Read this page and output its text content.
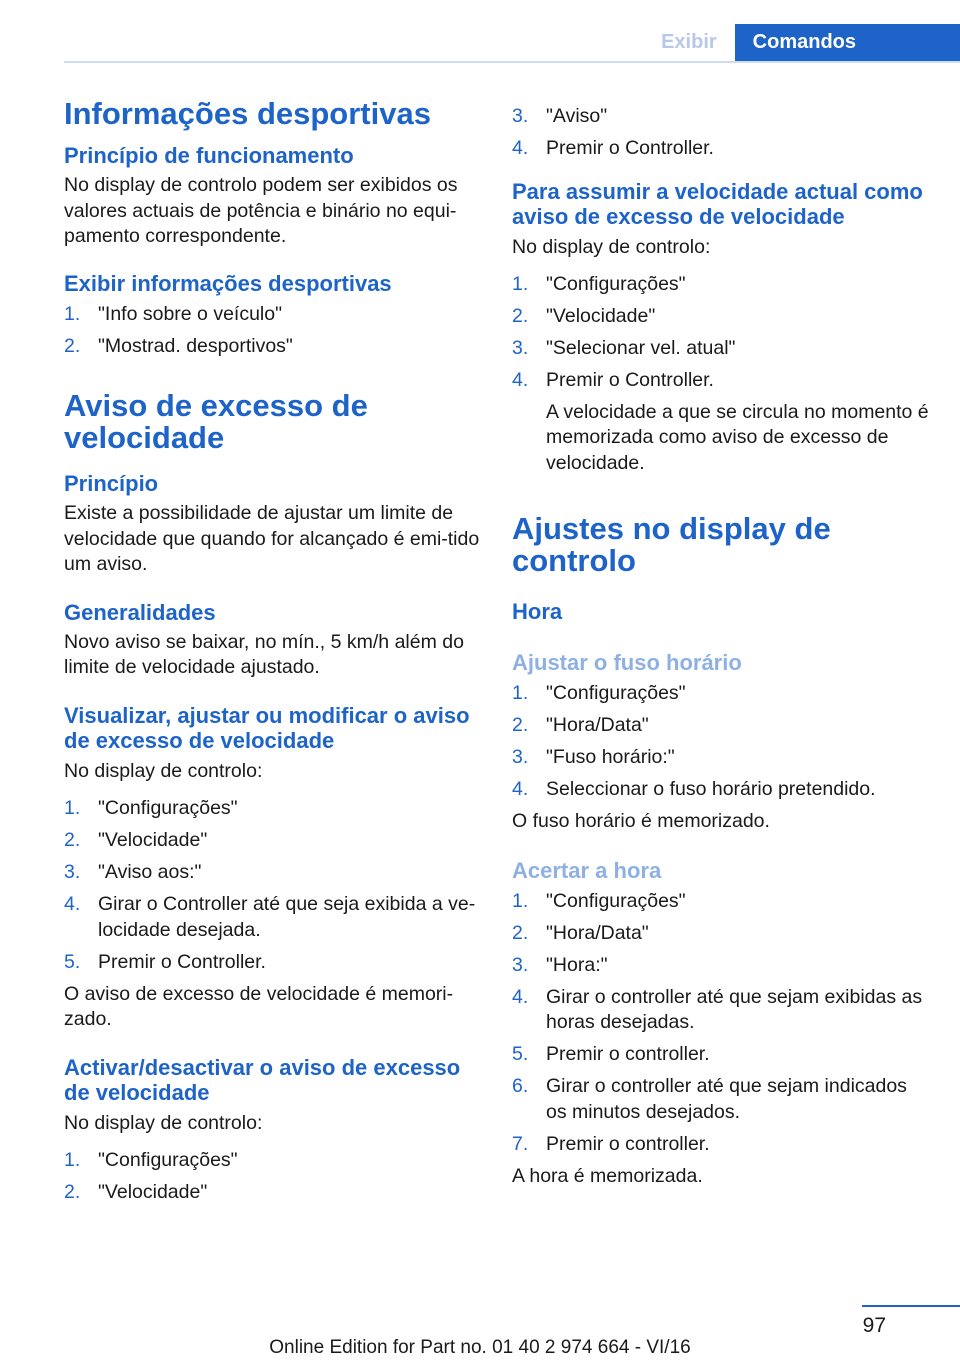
Exibir	Comandos
Informações desportivas
Princípio de funcionamento

No display de controlo podem ser exibidos os valores actuais de potência e binário no equi‐pamento correspondente.

Exibir informações desportivas
1. "Info sobre o veículo"
2. "Mostrad. desportivos"
Aviso de excesso de velocidade
Princípio

Existe a possibilidade de ajustar um limite de velocidade que quando for alcançado é emi‐tido um aviso.

Generalidades

Novo aviso se baixar, no mín., 5 km/h além do limite de velocidade ajustado.

Visualizar, ajustar ou modificar o aviso de excesso de velocidade

No display de controlo:

1. "Configurações"
2. "Velocidade"
3. "Aviso aos:"
4. Girar o Controller até que seja exibida a ve‐locidade desejada.
5. Premir o Controller.

O aviso de excesso de velocidade é memori‐zado.

Activar/desactivar o aviso de excesso de velocidade

No display de controlo:

1. "Configurações"
2. "Velocidade"
3. "Aviso"
4. Premir o Controller.
Para assumir a velocidade actual como aviso de excesso de velocidade

No display de controlo:

1. "Configurações"
2. "Velocidade"
3. "Selecionar vel. atual"
4. Premir o Controller.
A velocidade a que se circula no momento é memorizada como aviso de excesso de velocidade.
Ajustes no display de controlo
Hora
Ajustar o fuso horário
1. "Configurações"
2. "Hora/Data"
3. "Fuso horário:"
4. Seleccionar o fuso horário pretendido.

O fuso horário é memorizado.

Acertar a hora
1. "Configurações"
2. "Hora/Data"
3. "Hora:"
4. Girar o controller até que sejam exibidas as horas desejadas.
5. Premir o controller.
6. Girar o controller até que sejam indicados os minutos desejados.
7. Premir o controller.

A hora é memorizada.

97
Online Edition for Part no. 01 40 2 974 664 - VI/16
